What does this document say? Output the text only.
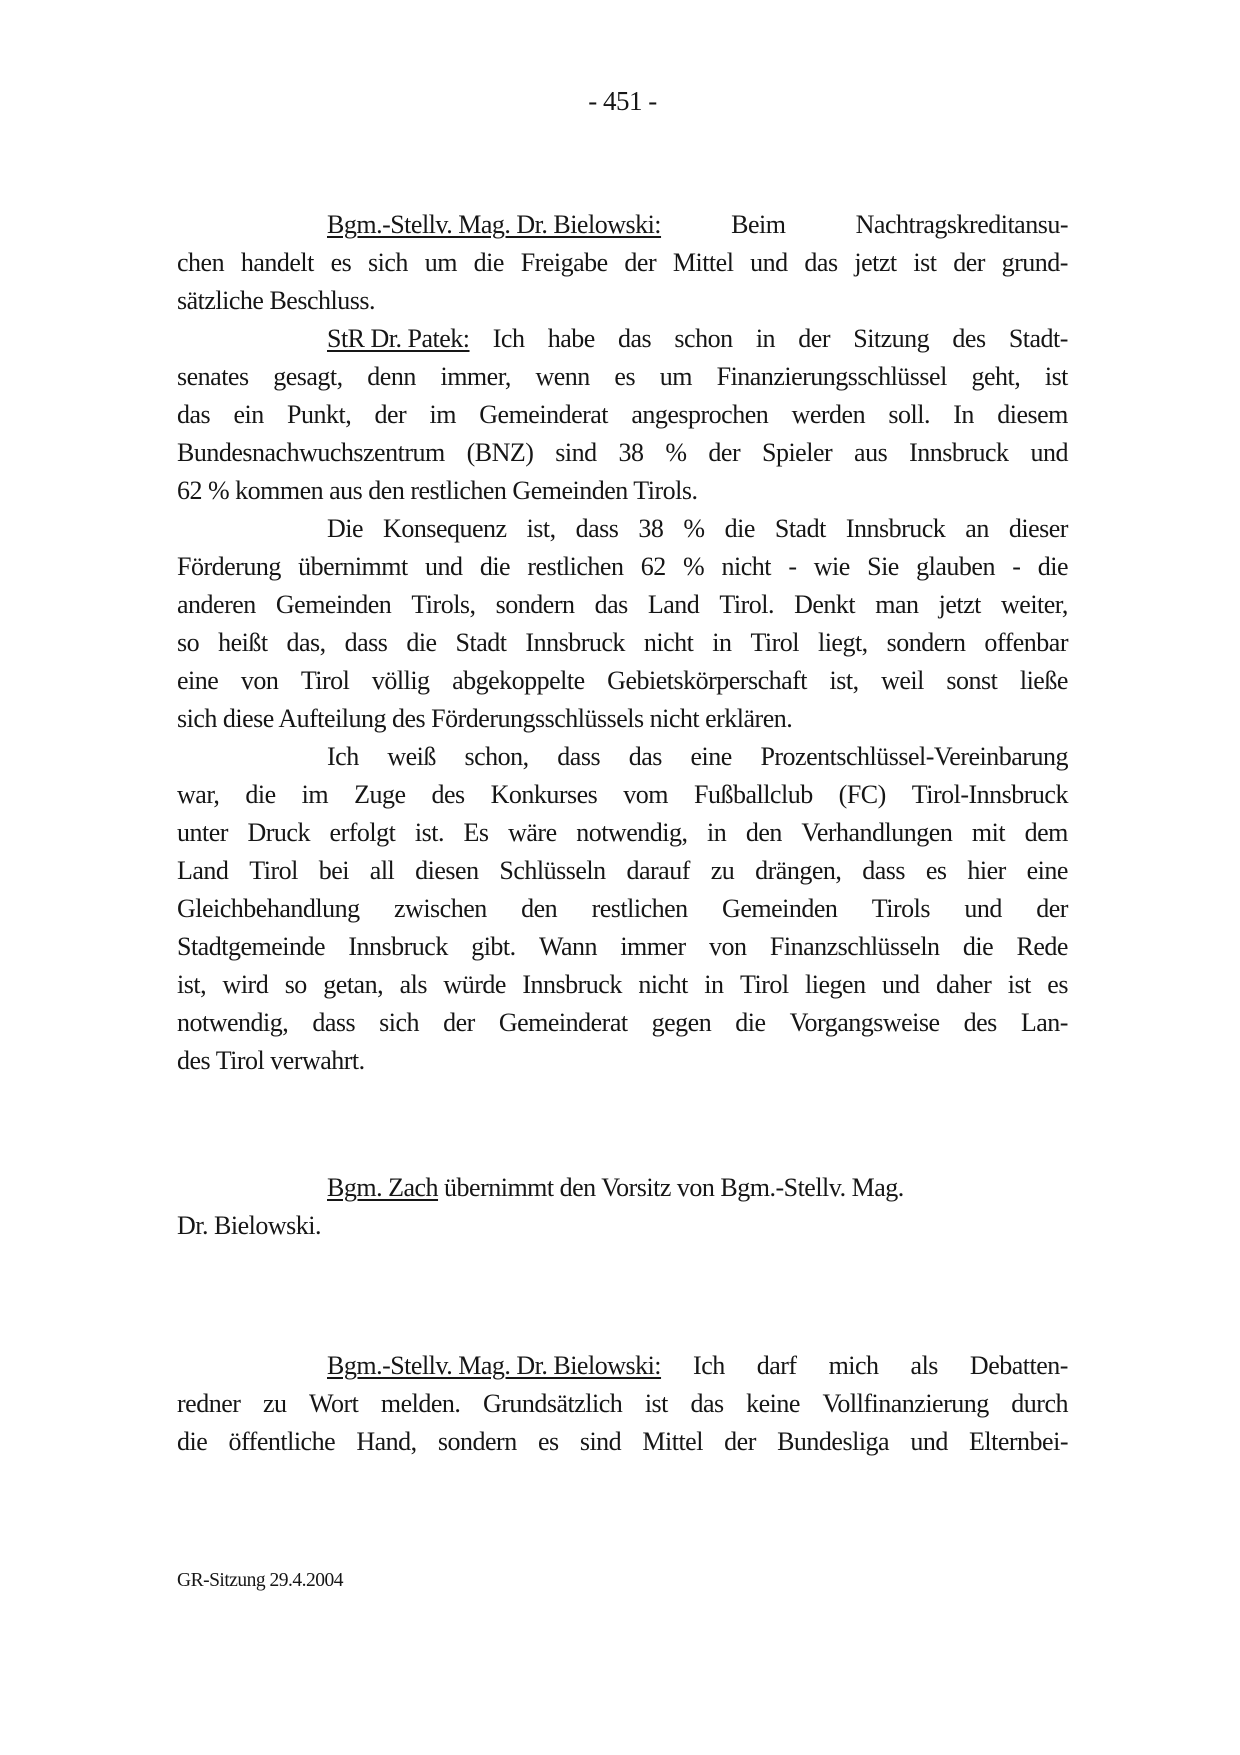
- 451 -
Bgm.-Stellv. Mag. Dr. Bielowski:	Beim	Nachtragskreditansu-
chen handelt es sich um die Freigabe der Mittel und das jetzt ist der grund-
sätzliche Beschluss.
StR Dr. Patek: Ich habe das schon in der Sitzung des Stadt-
senates gesagt, denn immer, wenn es um Finanzierungsschlüssel geht, ist
das ein Punkt, der im Gemeinderat angesprochen werden soll. In diesem
Bundesnachwuchszentrum (BNZ) sind 38 % der Spieler aus Innsbruck und
62 % kommen aus den restlichen Gemeinden Tirols.
Die Konsequenz ist, dass 38 % die Stadt Innsbruck an dieser
Förderung übernimmt und die restlichen 62 % nicht - wie Sie glauben - die
anderen Gemeinden Tirols, sondern das Land Tirol. Denkt man jetzt weiter,
so heißt das, dass die Stadt Innsbruck nicht in Tirol liegt, sondern offenbar
eine von Tirol völlig abgekoppelte Gebietskörperschaft ist, weil sonst ließe
sich diese Aufteilung des Förderungsschlüssels nicht erklären.
Ich weiß schon, dass das eine Prozentschlüssel-Vereinbarung
war, die im Zuge des Konkurses vom Fußballclub (FC) Tirol-Innsbruck
unter Druck erfolgt ist. Es wäre notwendig, in den Verhandlungen mit dem
Land Tirol bei all diesen Schlüsseln darauf zu drängen, dass es hier eine
Gleichbehandlung zwischen den restlichen Gemeinden Tirols und der
Stadtgemeinde Innsbruck gibt. Wann immer von Finanzschlüsseln die Rede
ist, wird so getan, als würde Innsbruck nicht in Tirol liegen und daher ist es
notwendig, dass sich der Gemeinderat gegen die Vorgangsweise des Lan-
des Tirol verwahrt.
Bgm. Zach übernimmt den Vorsitz von Bgm.-Stellv. Mag.
Dr. Bielowski.
Bgm.-Stellv. Mag. Dr. Bielowski: Ich darf mich als Debatten-
redner zu Wort melden. Grundsätzlich ist das keine Vollfinanzierung durch
die öffentliche Hand, sondern es sind Mittel der Bundesliga und Elternbei-
GR-Sitzung 29.4.2004
